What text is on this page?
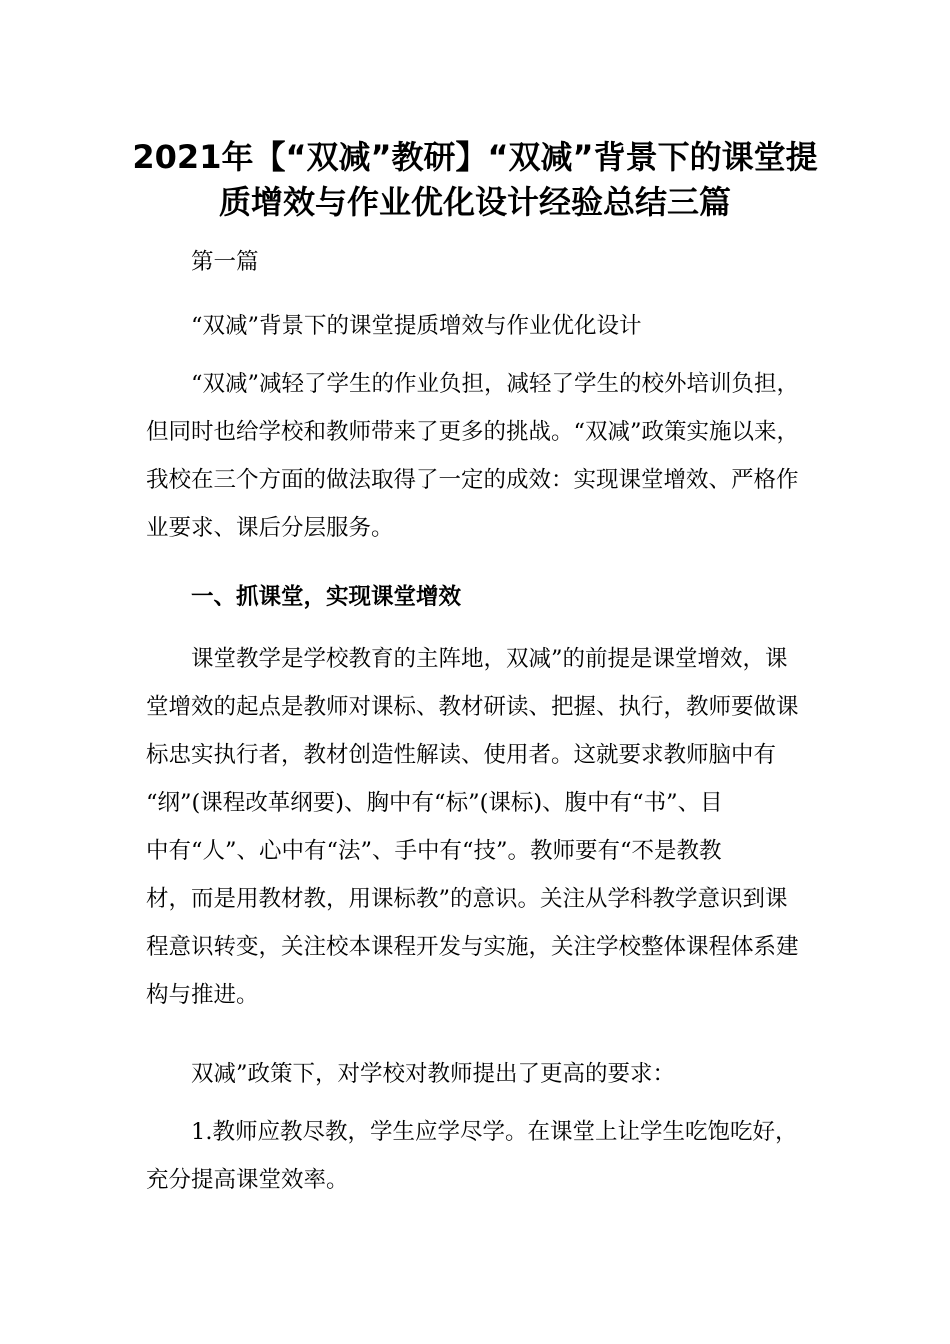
2021年【“双减”教研】“双减”背景下的课堂提
质增效与作业优化设计经验总结三篇

第一篇

“双减”背景下的课堂提质增效与作业优化设计

“双减”减轻了学生的作业负担，减轻了学生的校外培训负担，
但同时也给学校和教师带来了更多的挑战。“双减”政策实施以来，
我校在三个方面的做法取得了一定的成效：实现课堂增效、严格作
业要求、课后分层服务。

一、抓课堂，实现课堂增效

课堂教学是学校教育的主阵地，双减”的前提是课堂增效，课
堂增效的起点是教师对课标、教材研读、把握、执行，教师要做课
标忠实执行者，教材创造性解读、使用者。这就要求教师脑中有
“纲”(课程改革纲要)、胸中有“标”(课标)、腹中有“书”、目
中有“人”、心中有“法”、手中有“技”。教师要有“不是教教
材，而是用教材教，用课标教”的意识。关注从学科教学意识到课
程意识转变，关注校本课程开发与实施，关注学校整体课程体系建
构与推进。

双减”政策下，对学校对教师提出了更高的要求：

1.教师应教尽教，学生应学尽学。在课堂上让学生吃饱吃好，
充分提高课堂效率。
